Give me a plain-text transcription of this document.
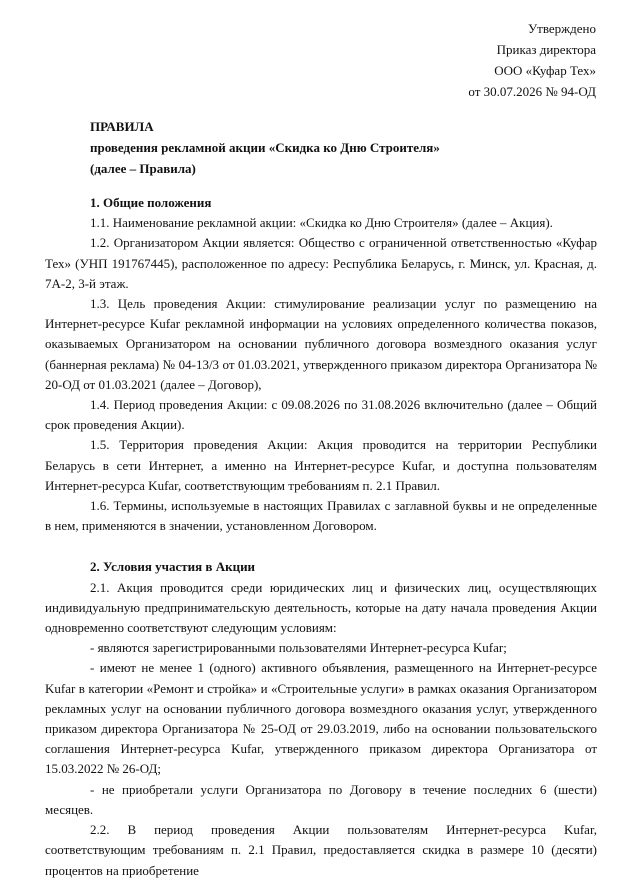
Утверждено
Приказ директора
ООО «Куфар Тех»
от 30.07.2026 № 94-ОД
ПРАВИЛА
проведения рекламной акции «Скидка ко Дню Строителя»
(далее – Правила)

1. Общие положения

1.1. Наименование рекламной акции: «Скидка ко Дню Строителя» (далее – Акция).

1.2. Организатором Акции является: Общество с ограниченной ответственностью «Куфар Тех» (УНП 191767445), расположенное по адресу: Республика Беларусь, г. Минск, ул. Красная, д. 7А-2, 3-й этаж.

1.3. Цель проведения Акции: стимулирование реализации услуг по размещению на Интернет-ресурсе Kufar рекламной информации на условиях определенного количества показов, оказываемых Организатором на основании публичного договора возмездного оказания услуг (баннерная реклама) № 04-13/3 от 01.03.2021, утвержденного приказом директора Организатора № 20-ОД от 01.03.2021 (далее – Договор),

1.4. Период проведения Акции: с 09.08.2026 по 31.08.2026 включительно (далее – Общий срок проведения Акции).

1.5. Территория проведения Акции: Акция проводится на территории Республики Беларусь в сети Интернет, а именно на Интернет-ресурсе Kufar, и доступна пользователям Интернет-ресурса Kufar, соответствующим требованиям п. 2.1 Правил.

1.6. Термины, используемые в настоящих Правилах с заглавной буквы и не определенные в нем, применяются в значении, установленном Договором.

2. Условия участия в Акции

2.1. Акция проводится среди юридических лиц и физических лиц, осуществляющих индивидуальную предпринимательскую деятельность, которые на дату начала проведения Акции одновременно соответствуют следующим условиям:

- являются зарегистрированными пользователями Интернет-ресурса Kufar;

- имеют не менее 1 (одного) активного объявления, размещенного на Интернет-ресурсе Kufar в категории «Ремонт и стройка» и «Строительные услуги» в рамках оказания Организатором рекламных услуг на основании публичного договора возмездного оказания услуг, утвержденного приказом директора Организатора № 25-ОД от 29.03.2019, либо на основании пользовательского соглашения Интернет-ресурса Kufar, утвержденного приказом директора Организатора от 15.03.2022 № 26-ОД;

- не приобретали услуги Организатора по Договору в течение последних 6 (шести) месяцев.

2.2. В период проведения Акции пользователям Интернет-ресурса Kufar, соответствующим требованиям п. 2.1 Правил, предоставляется скидка в размере 10 (десяти) процентов на приобретение
